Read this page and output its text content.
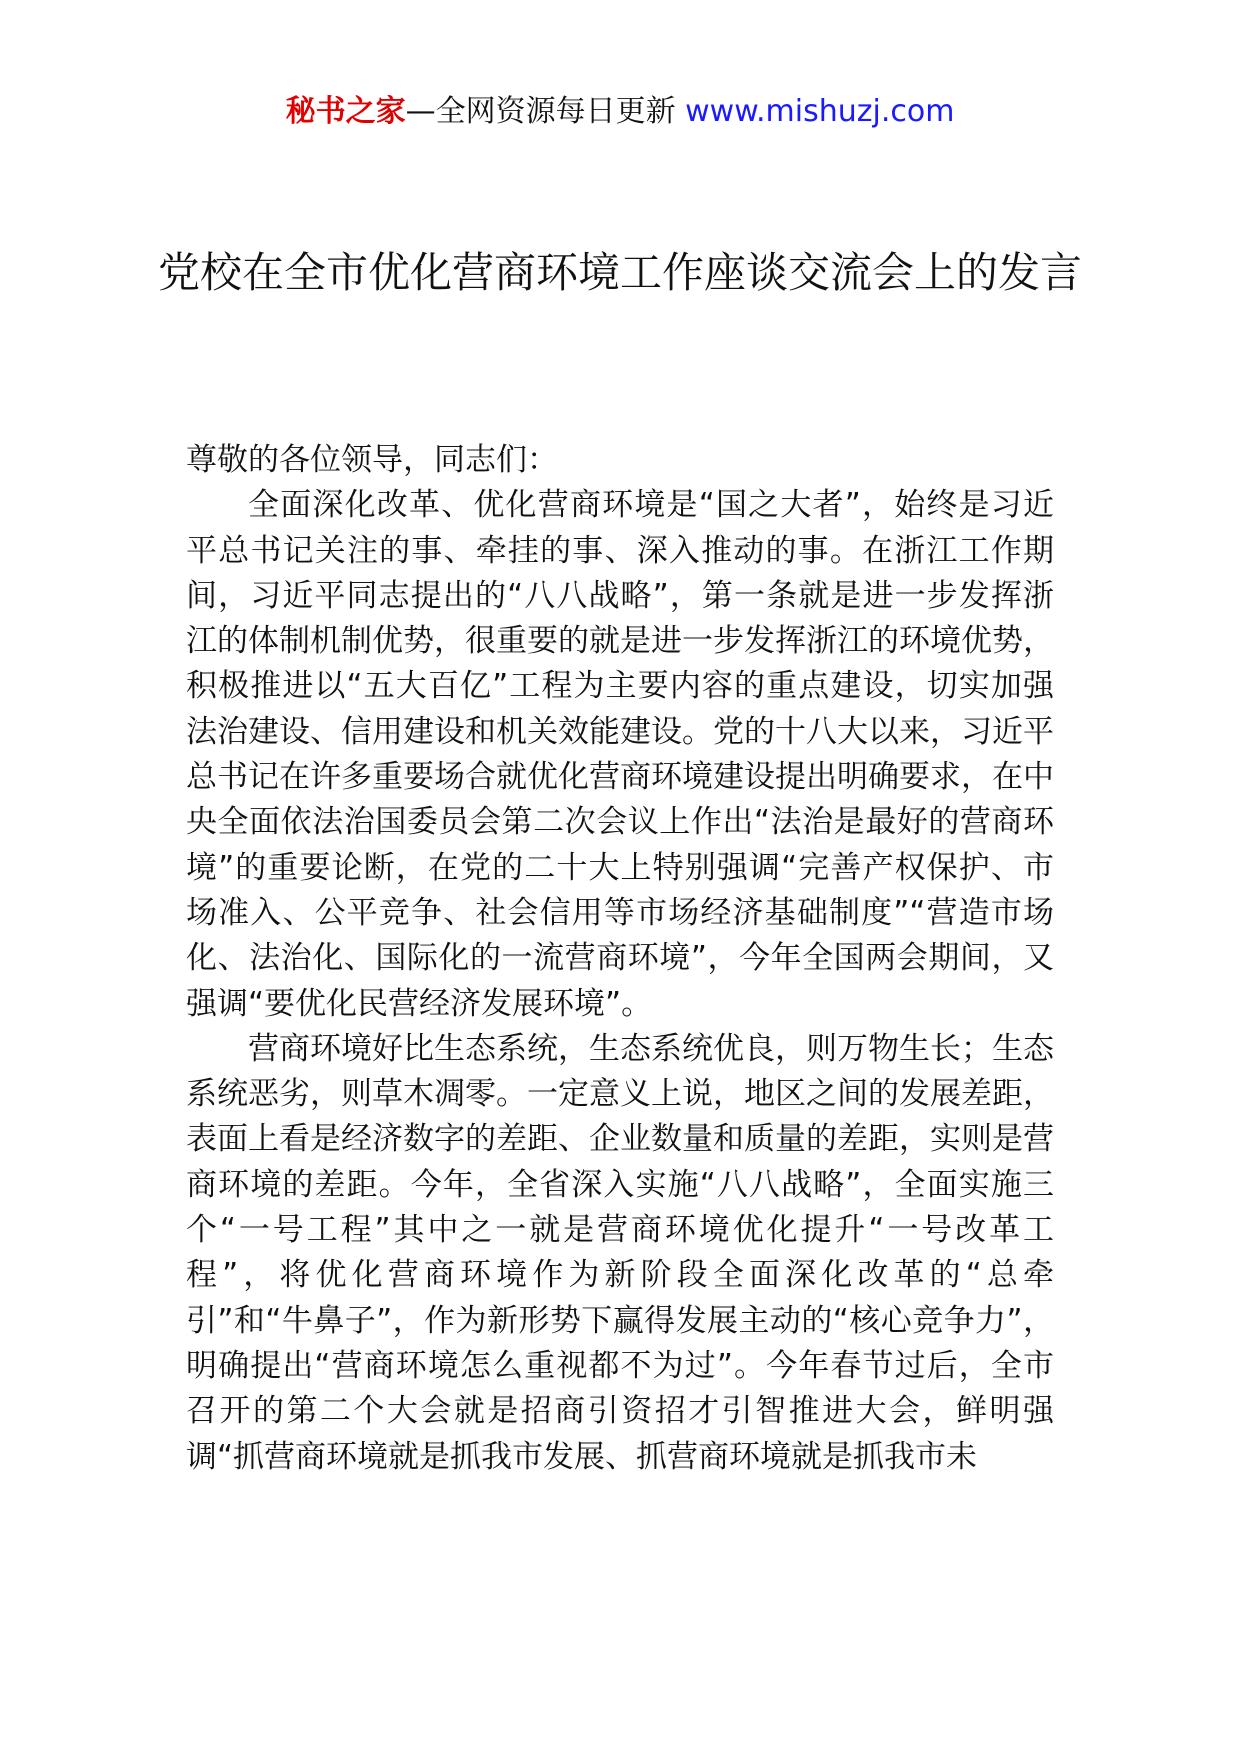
秘书之家—全网资源每日更新 www.mishuzj.com
党校在全市优化营商环境工作座谈交流会上的发言

尊敬的各位领导，同志们：

全面深化改革、优化营商环境是“国之大者”，始终是习近平总书记关注的事、牵挂的事、深入推动的事。在浙江工作期间，习近平同志提出的“八八战略”，第一条就是进一步发挥浙江的体制机制优势，很重要的就是进一步发挥浙江的环境优势，积极推进以“五大百亿”工程为主要内容的重点建设，切实加强法治建设、信用建设和机关效能建设。党的十八大以来，习近平总书记在许多重要场合就优化营商环境建设提出明确要求，在中央全面依法治国委员会第二次会议上作出“法治是最好的营商环境”的重要论断，在党的二十大上特别强调“完善产权保护、市场准入、公平竞争、社会信用等市场经济基础制度”“营造市场化、法治化、国际化的一流营商环境”，今年全国两会期间，又强调“要优化民营经济发展环境”。

营商环境好比生态系统，生态系统优良，则万物生长；生态系统恶劣，则草木凋零。一定意义上说，地区之间的发展差距，表面上看是经济数字的差距、企业数量和质量的差距，实则是营商环境的差距。今年，全省深入实施“八八战略”，全面实施三个“一号工程”其中之一就是营商环境优化提升“一号改革工程”，将优化营商环境作为新阶段全面深化改革的“总牵引”和“牛鼻子”，作为新形势下赢得发展主动的“核心竞争力”，明确提出“营商环境怎么重视都不为过”。今年春节过后，全市召开的第二个大会就是招商引资招才引智推进大会，鲜明强调“抓营商环境就是抓我市发展、抓营商环境就是抓我市未
